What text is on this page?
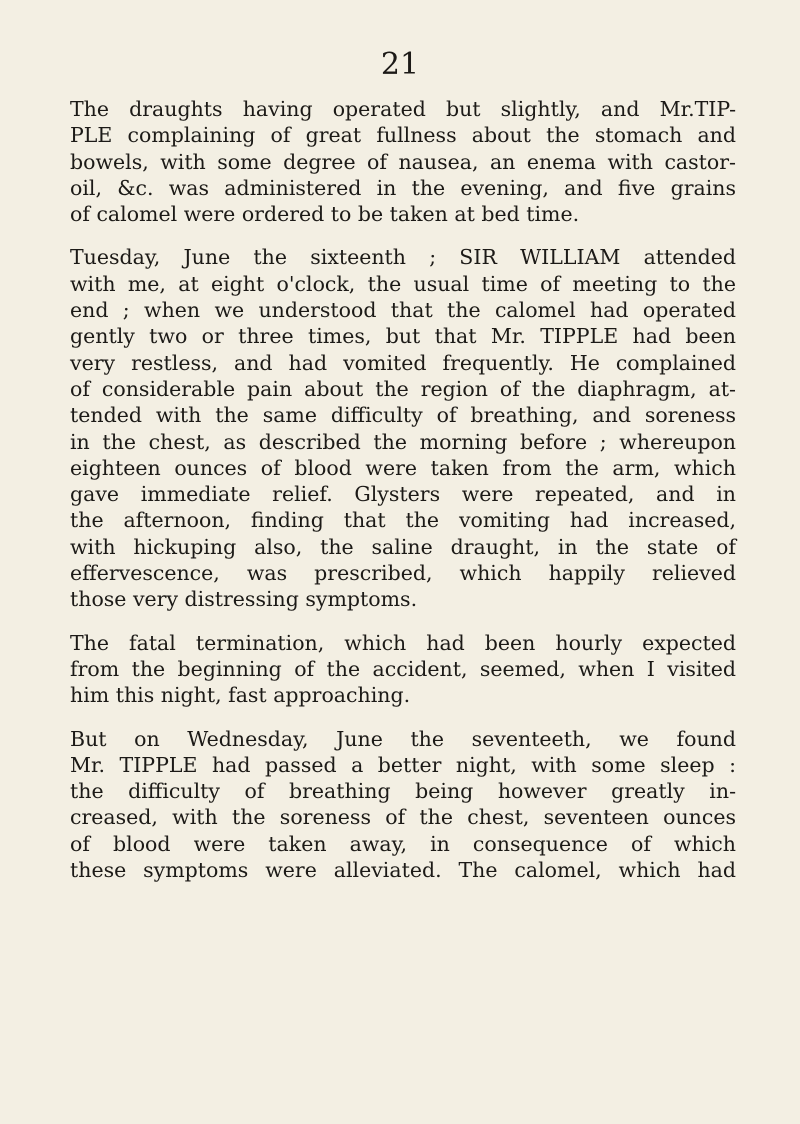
21
The draughts having operated but slightly, and Mr.TIP-
PLE complaining of great fullness about the stomach and
bowels, with some degree of nausea, an enema with castor-
oil, &c. was administered in the evening, and five grains
of calomel were ordered to be taken at bed time.
Tuesday, June the sixteenth ; SIR WILLIAM attended
with me, at eight o'clock, the usual time of meeting to the
end ; when we understood that the calomel had operated
gently two or three times, but that Mr. TIPPLE had been
very restless, and had vomited frequently. He complained
of considerable pain about the region of the diaphragm, at-
tended with the same difficulty of breathing, and soreness
in the chest, as described the morning before ; whereupon
eighteen ounces of blood were taken from the arm, which
gave immediate relief. Glysters were repeated, and in
the afternoon, finding that the vomiting had increased,
with hickuping also, the saline draught, in the state of
effervescence, was prescribed, which happily relieved
those very distressing symptoms.
The fatal termination, which had been hourly expected
from the beginning of the accident, seemed, when I visited
him this night, fast approaching.
But on Wednesday, June the seventeeth, we found
Mr. TIPPLE had passed a better night, with some sleep :
the difficulty of breathing being however greatly in-
creased, with the soreness of the chest, seventeen ounces
of blood were taken away, in consequence of which
these symptoms were alleviated. The calomel, which had
